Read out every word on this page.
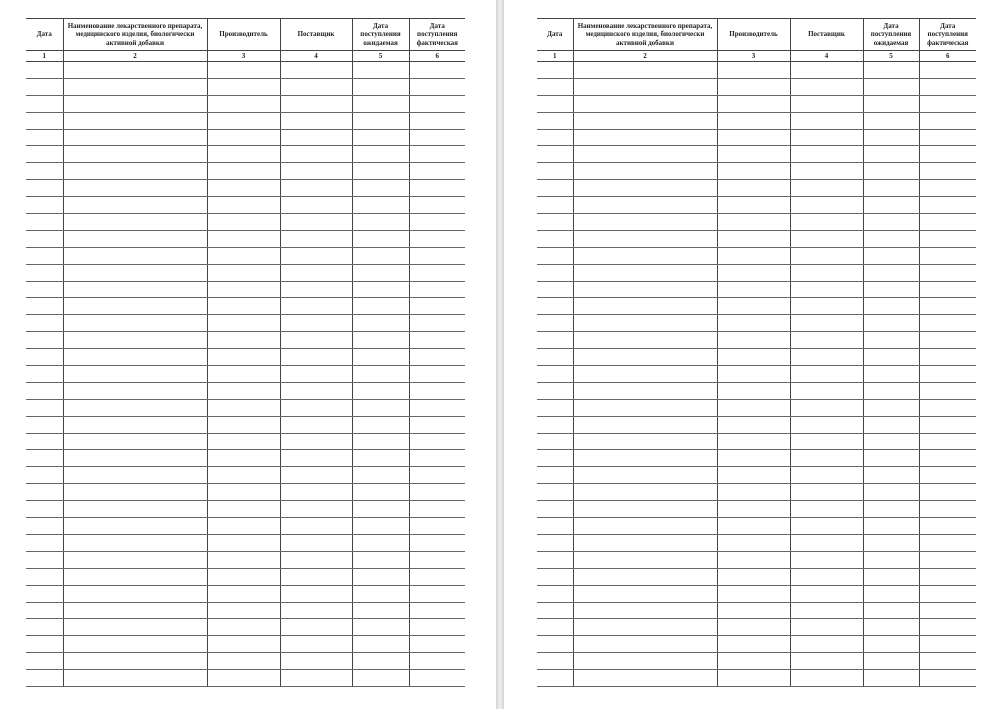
Дата	Наименование лекарственного препарата, медицинского изделия, биологически активной добавки	Производитель	Поставщик	Дата поступления ожидаемая	Дата поступления фактическая

1	2	3	4	5	6

Дата	Наименование лекарственного препарата, медицинского изделия, биологически активной добавки	Производитель	Поставщик	Дата поступления ожидаемая	Дата поступления фактическая

1	2	3	4	5	6
